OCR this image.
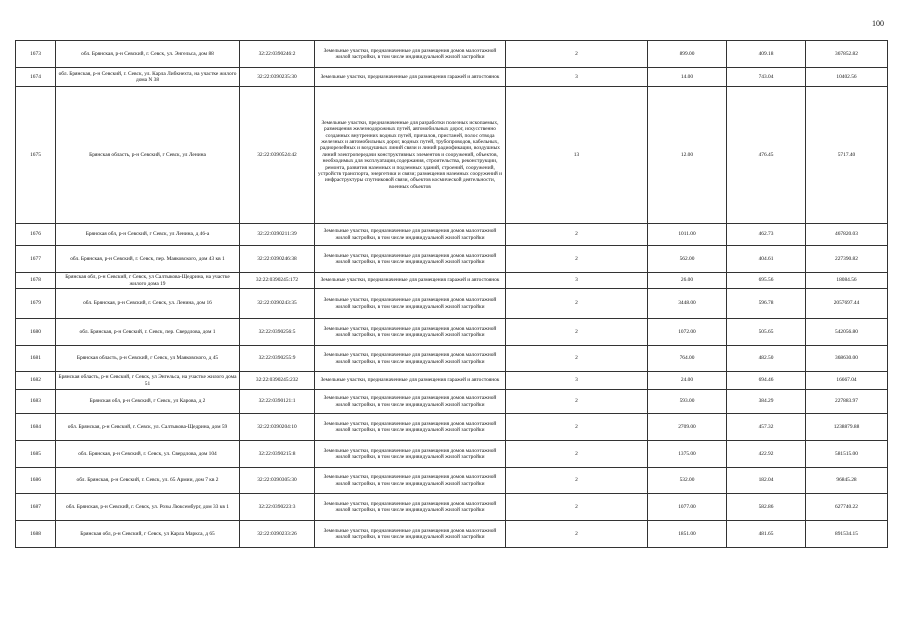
100
1673	обл. Брянская, р-н Севский, г. Севск, ул. Энгельса, дом 88	32:22:0390246:2	Земельные участки, предназначенные для размещения домов малоэтажной жилой застройки, в том числе индивидуальной жилой застройки	2	899.00	409.18	367852.82
1674	обл. Брянская, р-н Севский, г. Севск, ул. Карла Либкнехта, на участке жилого дома N 38	32:22:0390235:30	Земельные участки, предназначенные для размещения гаражей и автостоянок	3	14.00	743.04	10402.56
1675	Брянская область, р-н Севский, г Севск, ул Ленина	32:22:0390524:42	Земельные участки, предназначенные для разработки полезных ископаемых, размещения железнодорожных путей, автомобильных дорог, искусственно созданных внутренних водных путей, причалов, пристаней, полос отвода железных и автомобильных дорог, водных путей, трубопроводов, кабельных, радиорелейных и воздушных линий связи и линий радиофикации, воздушных линий электропередачи конструктивных элементов и сооружений, объектов, необходимых для эксплуатации,содержания, строительства, реконструкции, ремонта, развития наземных и подземных зданий, строений, сооружений, устройств транспорта, энергетики и связи; размещения наземных сооружений и инфраструктуры спутниковой связи, объектов космической деятельности, военных объектов	13	12.00	476.45	5717.40
1676	Брянская обл, р-н Севский, г Севск, ул Ленина, д 46-а	32:22:0390211:39	Земельные участки, предназначенные для размещения домов малоэтажной жилой застройки, в том числе индивидуальной жилой застройки	2	1011.00	462.73	467820.03
1677	обл. Брянская, р-н Севский, г. Севск, пер. Маяковского, дом 43 кв 1	32:22:0390246:38	Земельные участки, предназначенные для размещения домов малоэтажной жилой застройки, в том числе индивидуальной жилой застройки	2	562.00	404.61	227390.82
1678	Брянская обл, р-н Севский, г Севск, ул Салтыкова-Щедрина, на участке жилого дома 19	32:22:0390245:172	Земельные участки, предназначенные для размещения гаражей и автостоянок	3	26.00	695.56	18084.56
1679	обл. Брянская, р-н Севский, г. Севск, ул. Ленина, дом 16	32:22:0390243:35	Земельные участки, предназначенные для размещения домов малоэтажной жилой застройки, в том числе индивидуальной жилой застройки	2	3448.00	596.78	2057697.44
1680	обл. Брянская, р-н Севский, г. Севск, пер. Свердлова, дом 1	32:22:0390256:5	Земельные участки, предназначенные для размещения домов малоэтажной жилой застройки, в том числе индивидуальной жилой застройки	2	1072.00	505.65	542056.80
1681	Брянская область, р-н Севский, г Севск, ул Маяковского, д 45	32:22:0390255:9	Земельные участки, предназначенные для размещения домов малоэтажной жилой застройки, в том числе индивидуальной жилой застройки	2	764.00	482.50	368630.00
1682	Брянская область, р-н Севский, г Севск, ул Энгельса, на участке жилого дома 51	32:22:0390245:232	Земельные участки, предназначенные для размещения гаражей и автостоянок	3	24.00	694.46	16667.04
1683	Брянская обл, р-н Севский, г Севск, ул Карова, д 2	32:22:0390121:1	Земельные участки, предназначенные для размещения домов малоэтажной жилой застройки, в том числе индивидуальной жилой застройки	2	593.00	384.29	227883.97
1684	обл. Брянская, р-н Севский, г. Севск, ул. Салтыкова-Щедрина, дом 59	32:22:0390204:10	Земельные участки, предназначенные для размещения домов малоэтажной жилой застройки, в том числе индивидуальной жилой застройки	2	2709.00	457.32	1238879.88
1685	обл. Брянская, р-н Севский, г. Севск, ул. Свердлова, дом 104	32:22:0390215:8	Земельные участки, предназначенные для размещения домов малоэтажной жилой застройки, в том числе индивидуальной жилой застройки	2	1375.00	422.92	581515.00
1686	обл. Брянская, р-н Севский, г. Севск, ул. 65 Армии, дом 7 кв 2	32:22:0390305:30	Земельные участки, предназначенные для размещения домов малоэтажной жилой застройки, в том числе индивидуальной жилой застройки	2	532.00	182.04	96845.28
1687	обл. Брянская, р-н Севский, г. Севск, ул. Розы Люксембург, дом 33 кв 1	32:22:0390223:3	Земельные участки, предназначенные для размещения домов малоэтажной жилой застройки, в том числе индивидуальной жилой застройки	2	1077.00	582.86	627740.22
1688	Брянская обл, р-н Севский, г Севск, ул Карла Маркса, д 65	32:22:0390233:26	Земельные участки, предназначенные для размещения домов малоэтажной жилой застройки, в том числе индивидуальной жилой застройки	2	1851.00	481.65	891534.15
